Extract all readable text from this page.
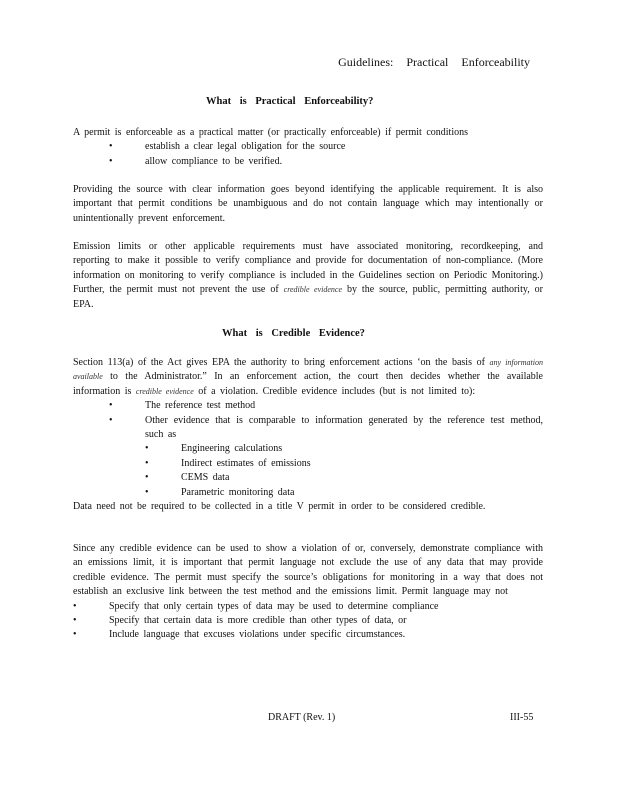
Guidelines: Practical Enforceability
What is Practical Enforceability?

A permit is enforceable as a practical matter (or practically enforceable) if permit conditions

•	establish a clear legal obligation for the source
•	allow compliance to be verified.

Providing the source with clear information goes beyond identifying the applicable requirement. It is also important that permit conditions be unambiguous and do not contain language which may intentionally or unintentionally prevent enforcement.

Emission limits or other applicable requirements must have associated monitoring, recordkeeping, and reporting to make it possible to verify compliance and provide for documentation of non-compliance. (More information on monitoring to verify compliance is included in the Guidelines section on Periodic Monitoring.) Further, the permit must not prevent the use of credible evidence by the source, public, permitting authority, or EPA.

What is Credible Evidence?

Section 113(a) of the Act gives EPA the authority to bring enforcement actions ‘on the basis of any information available to the Administrator.” In an enforcement action, the court then decides whether the available information is credible evidence of a violation. Credible evidence includes (but is not limited to):

•	The reference test method
•	Other evidence that is comparable to information generated by the reference test method, such as
•	Engineering calculations
•	Indirect estimates of emissions
•	CEMS data
•	Parametric monitoring data

Data need not be required to be collected in a title V permit in order to be considered credible.

Since any credible evidence can be used to show a violation of or, conversely, demonstrate compliance with an emissions limit, it is important that permit language not exclude the use of any data that may provide credible evidence. The permit must specify the source’s obligations for monitoring in a way that does not establish an exclusive link between the test method and the emissions limit. Permit language may not

•	Specify that only certain types of data may be used to determine compliance
•	Specify that certain data is more credible than other types of data, or
•	Include language that excuses violations under specific circumstances.
DRAFT (Rev. 1)	III-55
